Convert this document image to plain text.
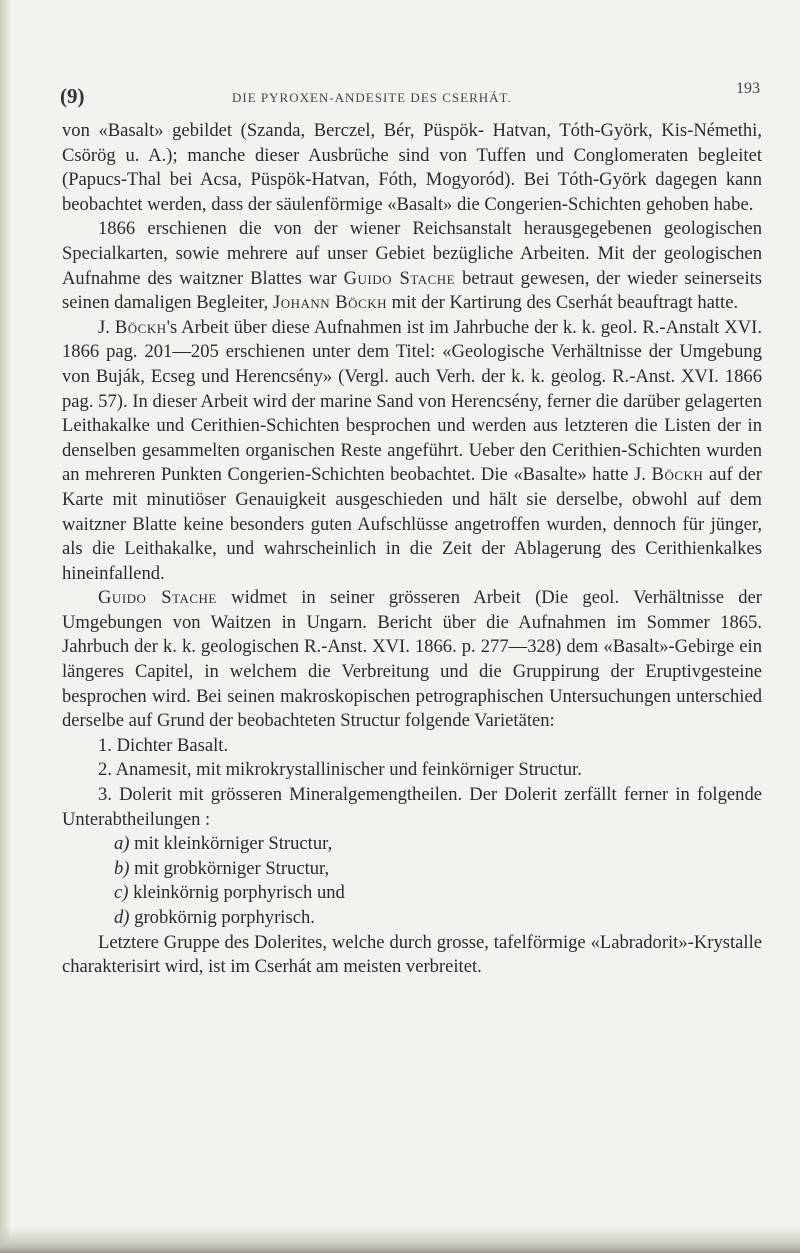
(9)	DIE PYROXEN-ANDESITE DES CSERHÁT.
193

von «Basalt» gebildet (Szanda, Berczel, Bér, Püspök- Hatvan, Tóth-Györk, Kis-Némethi, Csörög u. A.); manche dieser Ausbrüche sind von Tuffen und Conglomeraten begleitet (Papucs-Thal bei Acsa, Püspök-Hatvan, Fóth, Mogyoród). Bei Tóth-Györk dagegen kann beobachtet werden, dass der säulenförmige «Basalt» die Congerien-Schichten gehoben habe.

1866 erschienen die von der wiener Reichsanstalt herausgegebenen geologischen Specialkarten, sowie mehrere auf unser Gebiet bezügliche Arbeiten. Mit der geologischen Aufnahme des waitzner Blattes war Guido Stache betraut gewesen, der wieder seinerseits seinen damaligen Begleiter, Johann Böckh mit der Kartirung des Cserhát beauftragt hatte.

J. Böckh's Arbeit über diese Aufnahmen ist im Jahrbuche der k. k. geol. R.-Anstalt XVI. 1866 pag. 201—205 erschienen unter dem Titel: «Geologische Verhältnisse der Umgebung von Buják, Ecseg und Herencsény» (Vergl. auch Verh. der k. k. geolog. R.-Anst. XVI. 1866 pag. 57). In dieser Arbeit wird der marine Sand von Herencsény, ferner die darüber gelagerten Leithakalke und Cerithien-Schichten besprochen und werden aus letzteren die Listen der in denselben gesammelten organischen Reste angeführt. Ueber den Cerithien-Schichten wurden an mehreren Punkten Congerien-Schichten beobachtet. Die «Basalte» hatte J. Böckh auf der Karte mit minutiöser Genauigkeit ausgeschieden und hält sie derselbe, obwohl auf dem waitzner Blatte keine besonders guten Aufschlüsse angetroffen wurden, dennoch für jünger, als die Leithakalke, und wahrscheinlich in die Zeit der Ablagerung des Cerithienkalkes hineinfallend.

Guido Stache widmet in seiner grösseren Arbeit (Die geol. Verhältnisse der Umgebungen von Waitzen in Ungarn. Bericht über die Aufnahmen im Sommer 1865. Jahrbuch der k. k. geologischen R.-Anst. XVI. 1866. p. 277—328) dem «Basalt»-Gebirge ein längeres Capitel, in welchem die Verbreitung und die Gruppirung der Eruptivgesteine besprochen wird. Bei seinen makroskopischen petrographischen Untersuchungen unterschied derselbe auf Grund der beobachteten Structur folgende Varietäten:

1. Dichter Basalt.
2. Anamesit, mit mikrokrystallinischer und feinkörniger Structur.
3. Dolerit mit grösseren Mineralgemengtheilen. Der Dolerit zerfällt ferner in folgende Unterabtheilungen :
a) mit kleinkörniger Structur,
b) mit grobkörniger Structur,
c) kleinkörnig porphyrisch und
d) grobkörnig porphyrisch.

Letztere Gruppe des Dolerites, welche durch grosse, tafelförmige «Labradorit»-Krystalle charakterisirt wird, ist im Cserhát am meisten verbreitet.
